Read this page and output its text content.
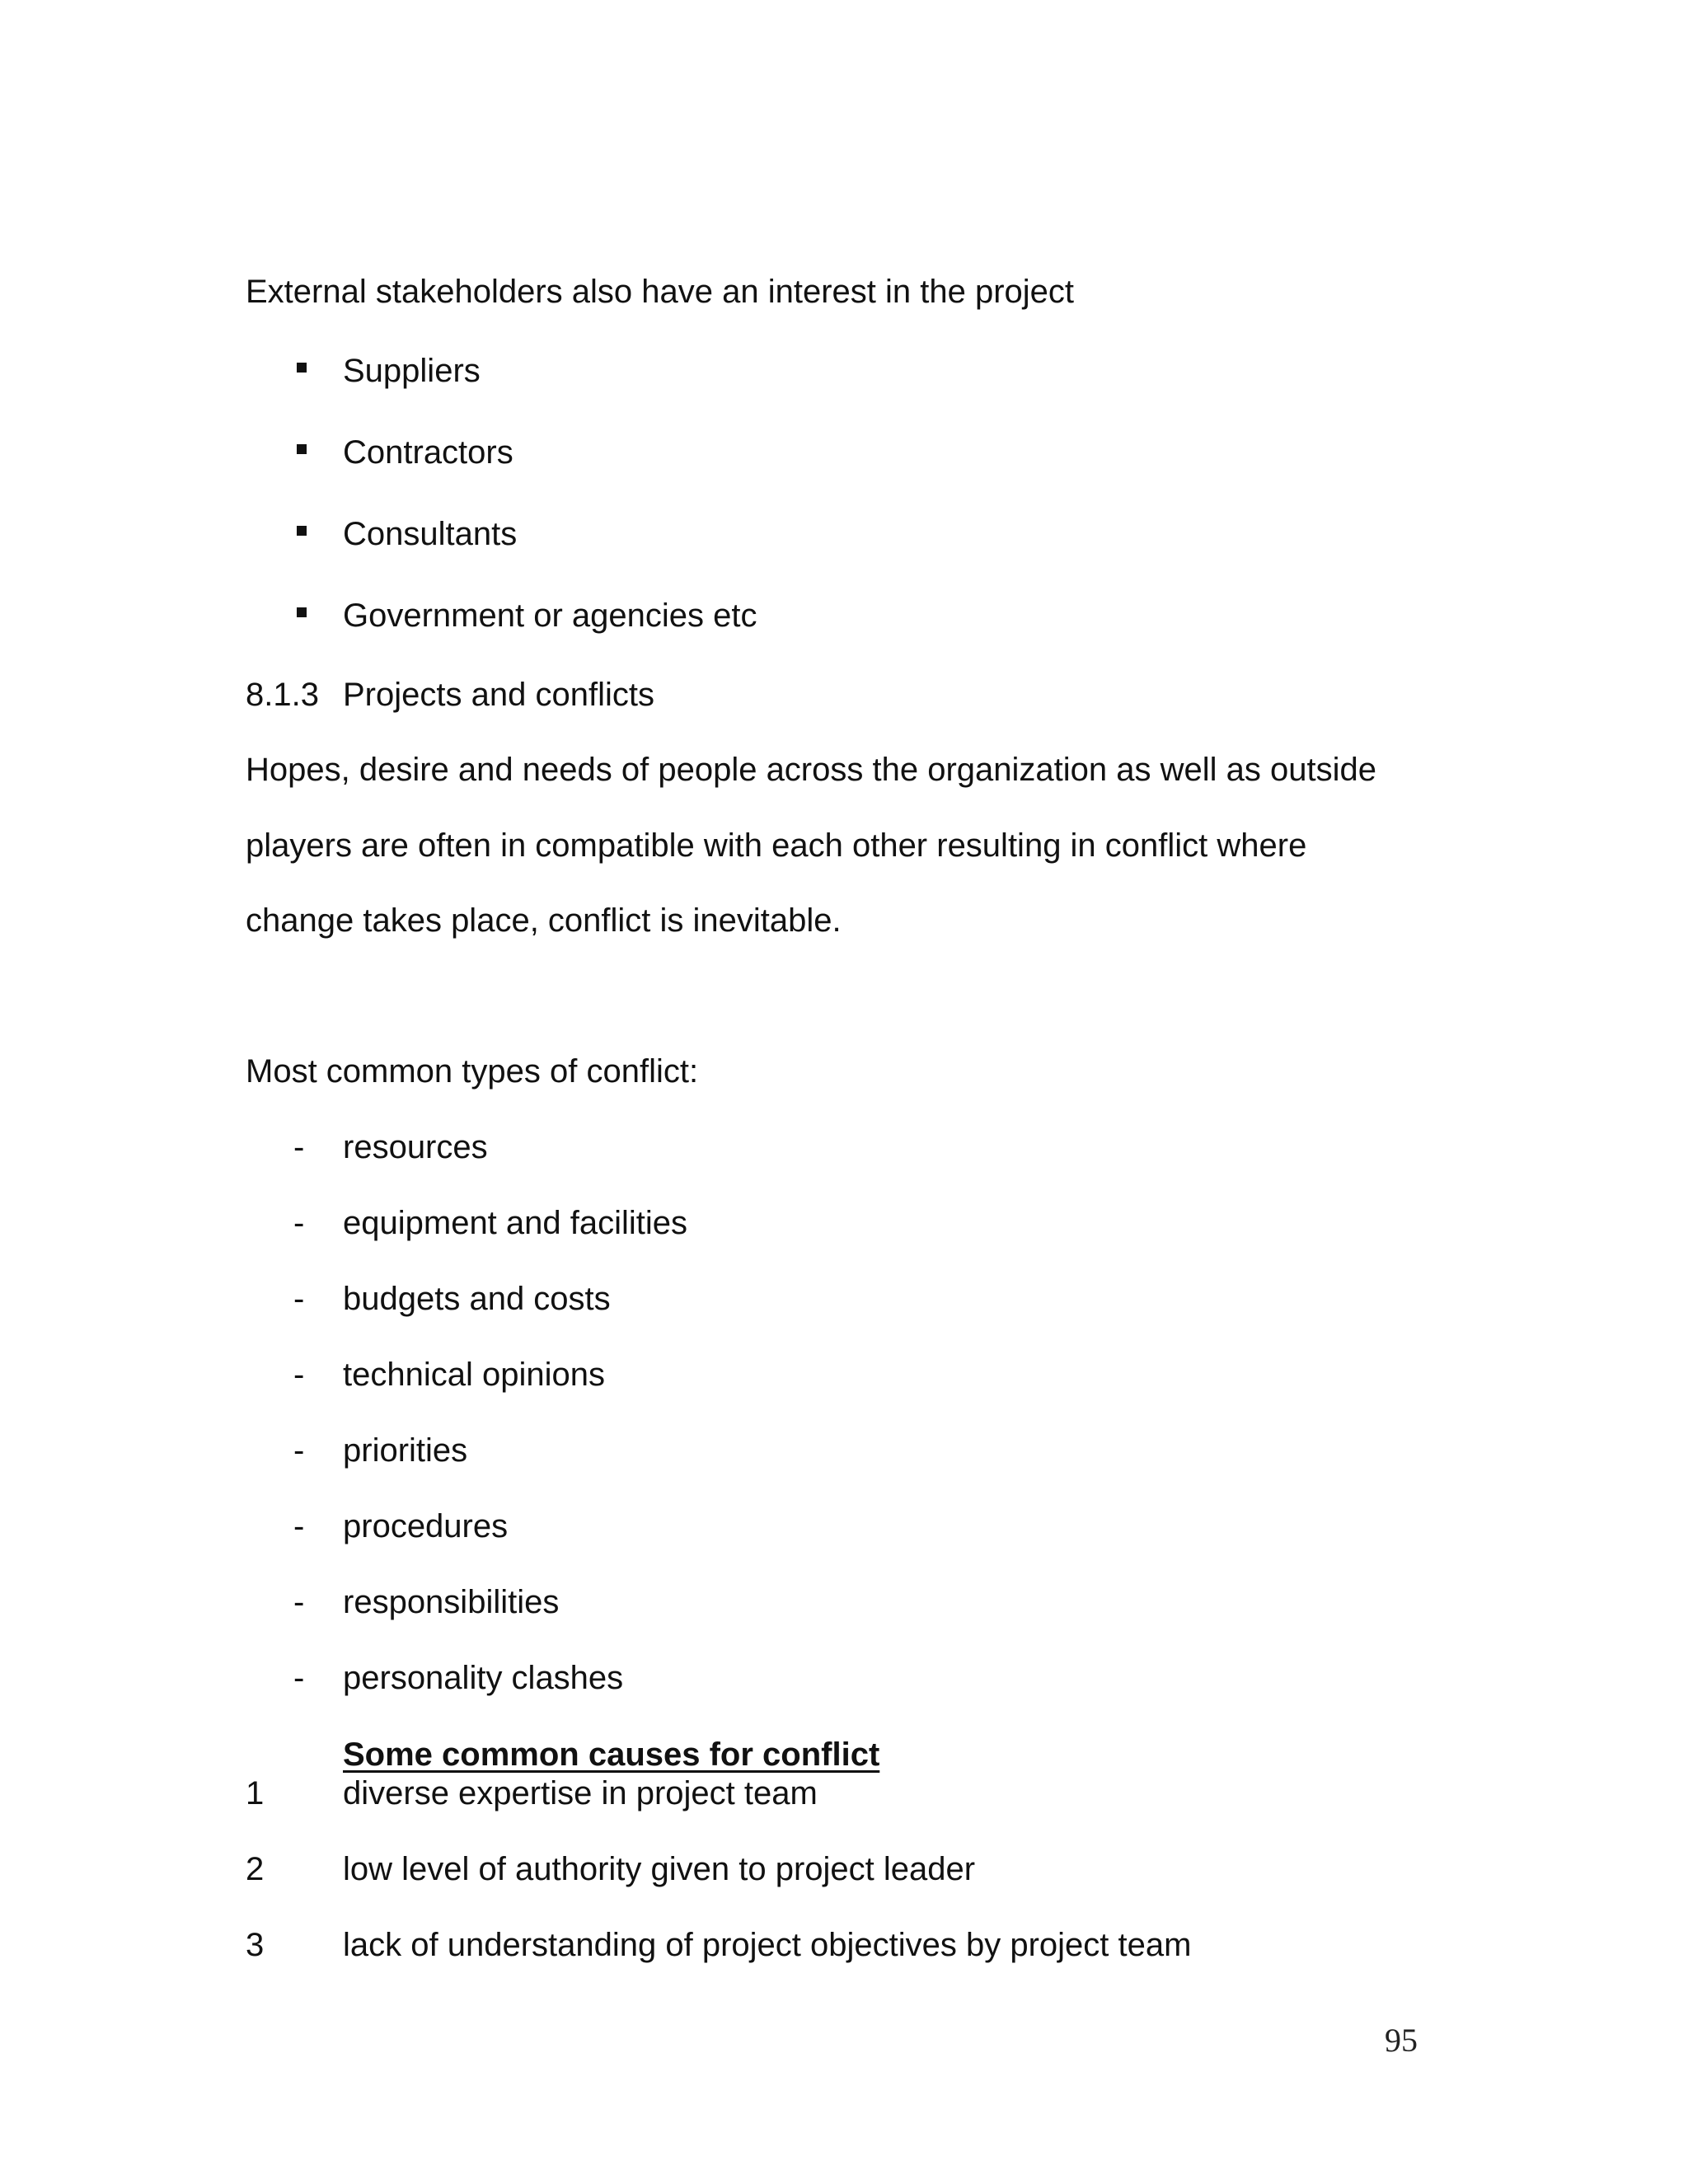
External stakeholders also have an interest in the project
Suppliers
Contractors
Consultants
Government or agencies etc
8.1.3 Projects and conflicts
Hopes, desire and needs of people across the organization as well as outside
players are often in compatible with each other resulting in conflict where
change takes place, conflict is inevitable.
Most common types of conflict:
- resources
- equipment and facilities
- budgets and costs
- technical opinions
- priorities
- procedures
- responsibilities
- personality clashes
Some common causes for conflict
1 diverse expertise in project team
2 low level of authority given to project leader
3 lack of understanding of project objectives by project team
95
